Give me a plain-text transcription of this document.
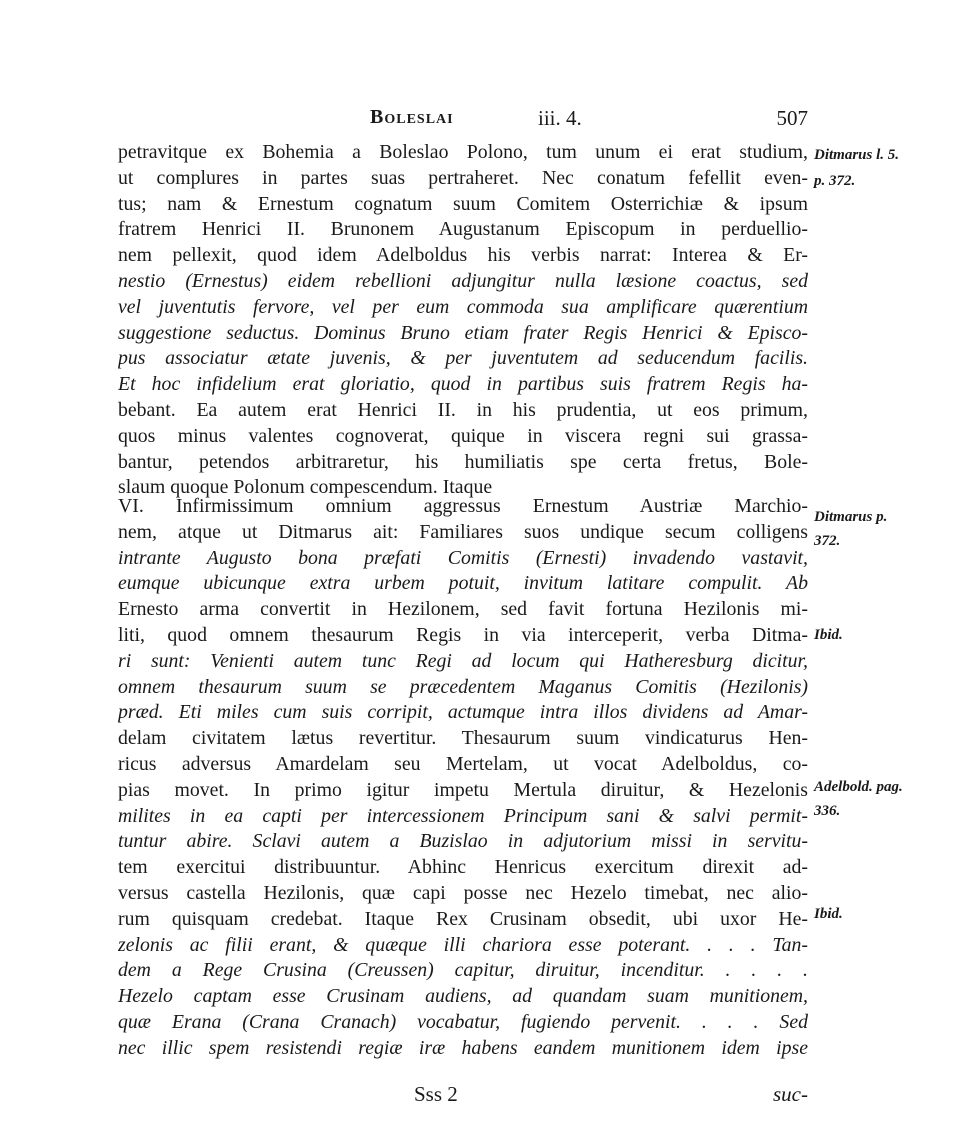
Boleslai	iii. 4.	507
petravitque ex Bohemia a Boleslao Polono, tum unum ei erat studium,
ut complures in partes suas pertraheret. Nec conatum fefellit even-
tus; nam & Ernestum cognatum suum Comitem Osterrichiæ & ipsum
fratrem Henrici II. Brunonem Augustanum Episcopum in perduellio-
nem pellexit, quod idem Adelboldus his verbis narrat: Interea & Er-
nestio (Ernestus) eidem rebellioni adjungitur nulla læsione coactus, sed
vel juventutis fervore, vel per eum commoda sua amplificare quærentium
suggestione seductus. Dominus Bruno etiam frater Regis Henrici & Episco-
pus associatur ætate juvenis, & per juventutem ad seducendum facilis.
Et hoc infidelium erat gloriatio, quod in partibus suis fratrem Regis ha-
bebant. Ea autem erat Henrici II. in his prudentia, ut eos primum,
quos minus valentes cognoverat, quique in viscera regni sui grassa-
bantur, petendos arbitraretur, his humiliatis spe certa fretus, Bole-
slaum quoque Polonum compescendum. Itaque
VI. Infirmissimum omnium aggressus Ernestum Austriæ Marchio-
nem, atque ut Ditmarus ait: Familiares suos undique secum colligens
intrante Augusto bona præfati Comitis (Ernesti) invadendo vastavit,
eumque ubicunque extra urbem potuit, invitum latitare compulit. Ab
Ernesto arma convertit in Hezilonem, sed favit fortuna Hezilonis mi-
liti, quod omnem thesaurum Regis in via interceperit, verba Ditma-
ri sunt: Venienti autem tunc Regi ad locum qui Hatheresburg dicitur,
omnem thesaurum suum se præcedentem Maganus Comitis (Hezilonis)
præd. Eti miles cum suis corripit, actumque intra illos dividens ad Amar-
delam civitatem lætus revertitur. Thesaurum suum vindicaturus Hen-
ricus adversus Amardelam seu Mertelam, ut vocat Adelboldus, co-
pias movet. In primo igitur impetu Mertula diruitur, & Hezelonis
milites in ea capti per intercessionem Principum sani & salvi permit-
tuntur abire. Sclavi autem a Buzislao in adjutorium missi in servitu-
tem exercitui distribuuntur. Abhinc Henricus exercitum direxit ad-
versus castella Hezilonis, quæ capi posse nec Hezelo timebat, nec alio-
rum quisquam credebat. Itaque Rex Crusinam obsedit, ubi uxor He-
zelonis ac filii erant, & quæque illi chariora esse poterant. . . . Tan-
dem a Rege Crusina (Creussen) capitur, diruitur, incenditur. . . . .
Hezelo captam esse Crusinam audiens, ad quandam suam munitionem,
quæ Erana (Crana Cranach) vocabatur, fugiendo pervenit. . . . Sed
nec illic spem resistendi regiæ iræ habens eandem munitionem idem ipse
Ditmarus l. 5.
p. 372.
Ditmarus p.
372.
Ibid.
Adelbold. pag.
336.
Ibid.
Sss 2	suc-
